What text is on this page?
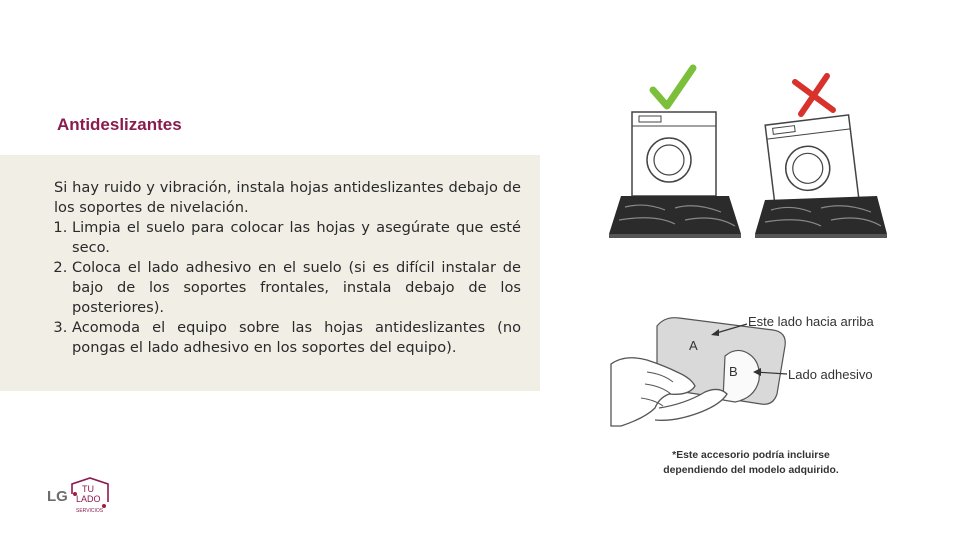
Antideslizantes

Si hay ruido y vibración, instala hojas antideslizantes debajo de los soportes de nivelación.

1. Limpia el suelo para colocar las hojas y asegúrate que esté seco.
2. Coloca el lado adhesivo en el suelo (si es difícil instalar de bajo de los soportes frontales, instala debajo de los posteriores).
3. Acomoda el equipo sobre las hojas antideslizantes (no pongas el lado adhesivo en los soportes del equipo).	A
B
Este lado hacia arriba
Lado adhesivo
*Este accesorio podría incluirse
dependiendo del modelo adquirido.
LG TU
LADO
SERVICIOS
